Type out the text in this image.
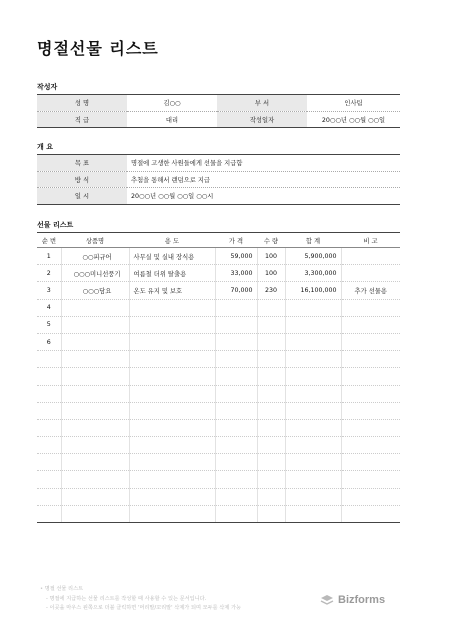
명절선물 리스트
작성자
성 명	김○○	부 서	인사팀
직 급	대리	작성일자	20○○년 ○○월 ○○일
개 요
목 표	명절에 고생한 사원들에게 선물을 지급함
방 식	추첨을 통해서 랜덤으로 지급
일 시	20○○년 ○○월 ○○일 ○○시
선물 리스트
순 번	상품명	용 도	가 격	수 량	합 계	비 고
1	○○피규어	사무실 및 실내 장식용	59,000	100	5,900,000	
2	○○○미니선풍기	여름철 더위 탈출용	33,000	100	3,300,000	
3	○○○담요	온도 유지 및 보호	70,000	230	16,100,000	추가 선물용
4						
5						
6						

• 명절 선물 리스트
- 명절에 지급하는 선물 리스트를 작성할 때 사용할 수 있는 문서입니다.
- 이곳을 마우스 왼쪽으로 더블 클릭하면 '머리말/꼬리말' 삭제가 되며 모두를 삭제 가능
Bizforms
